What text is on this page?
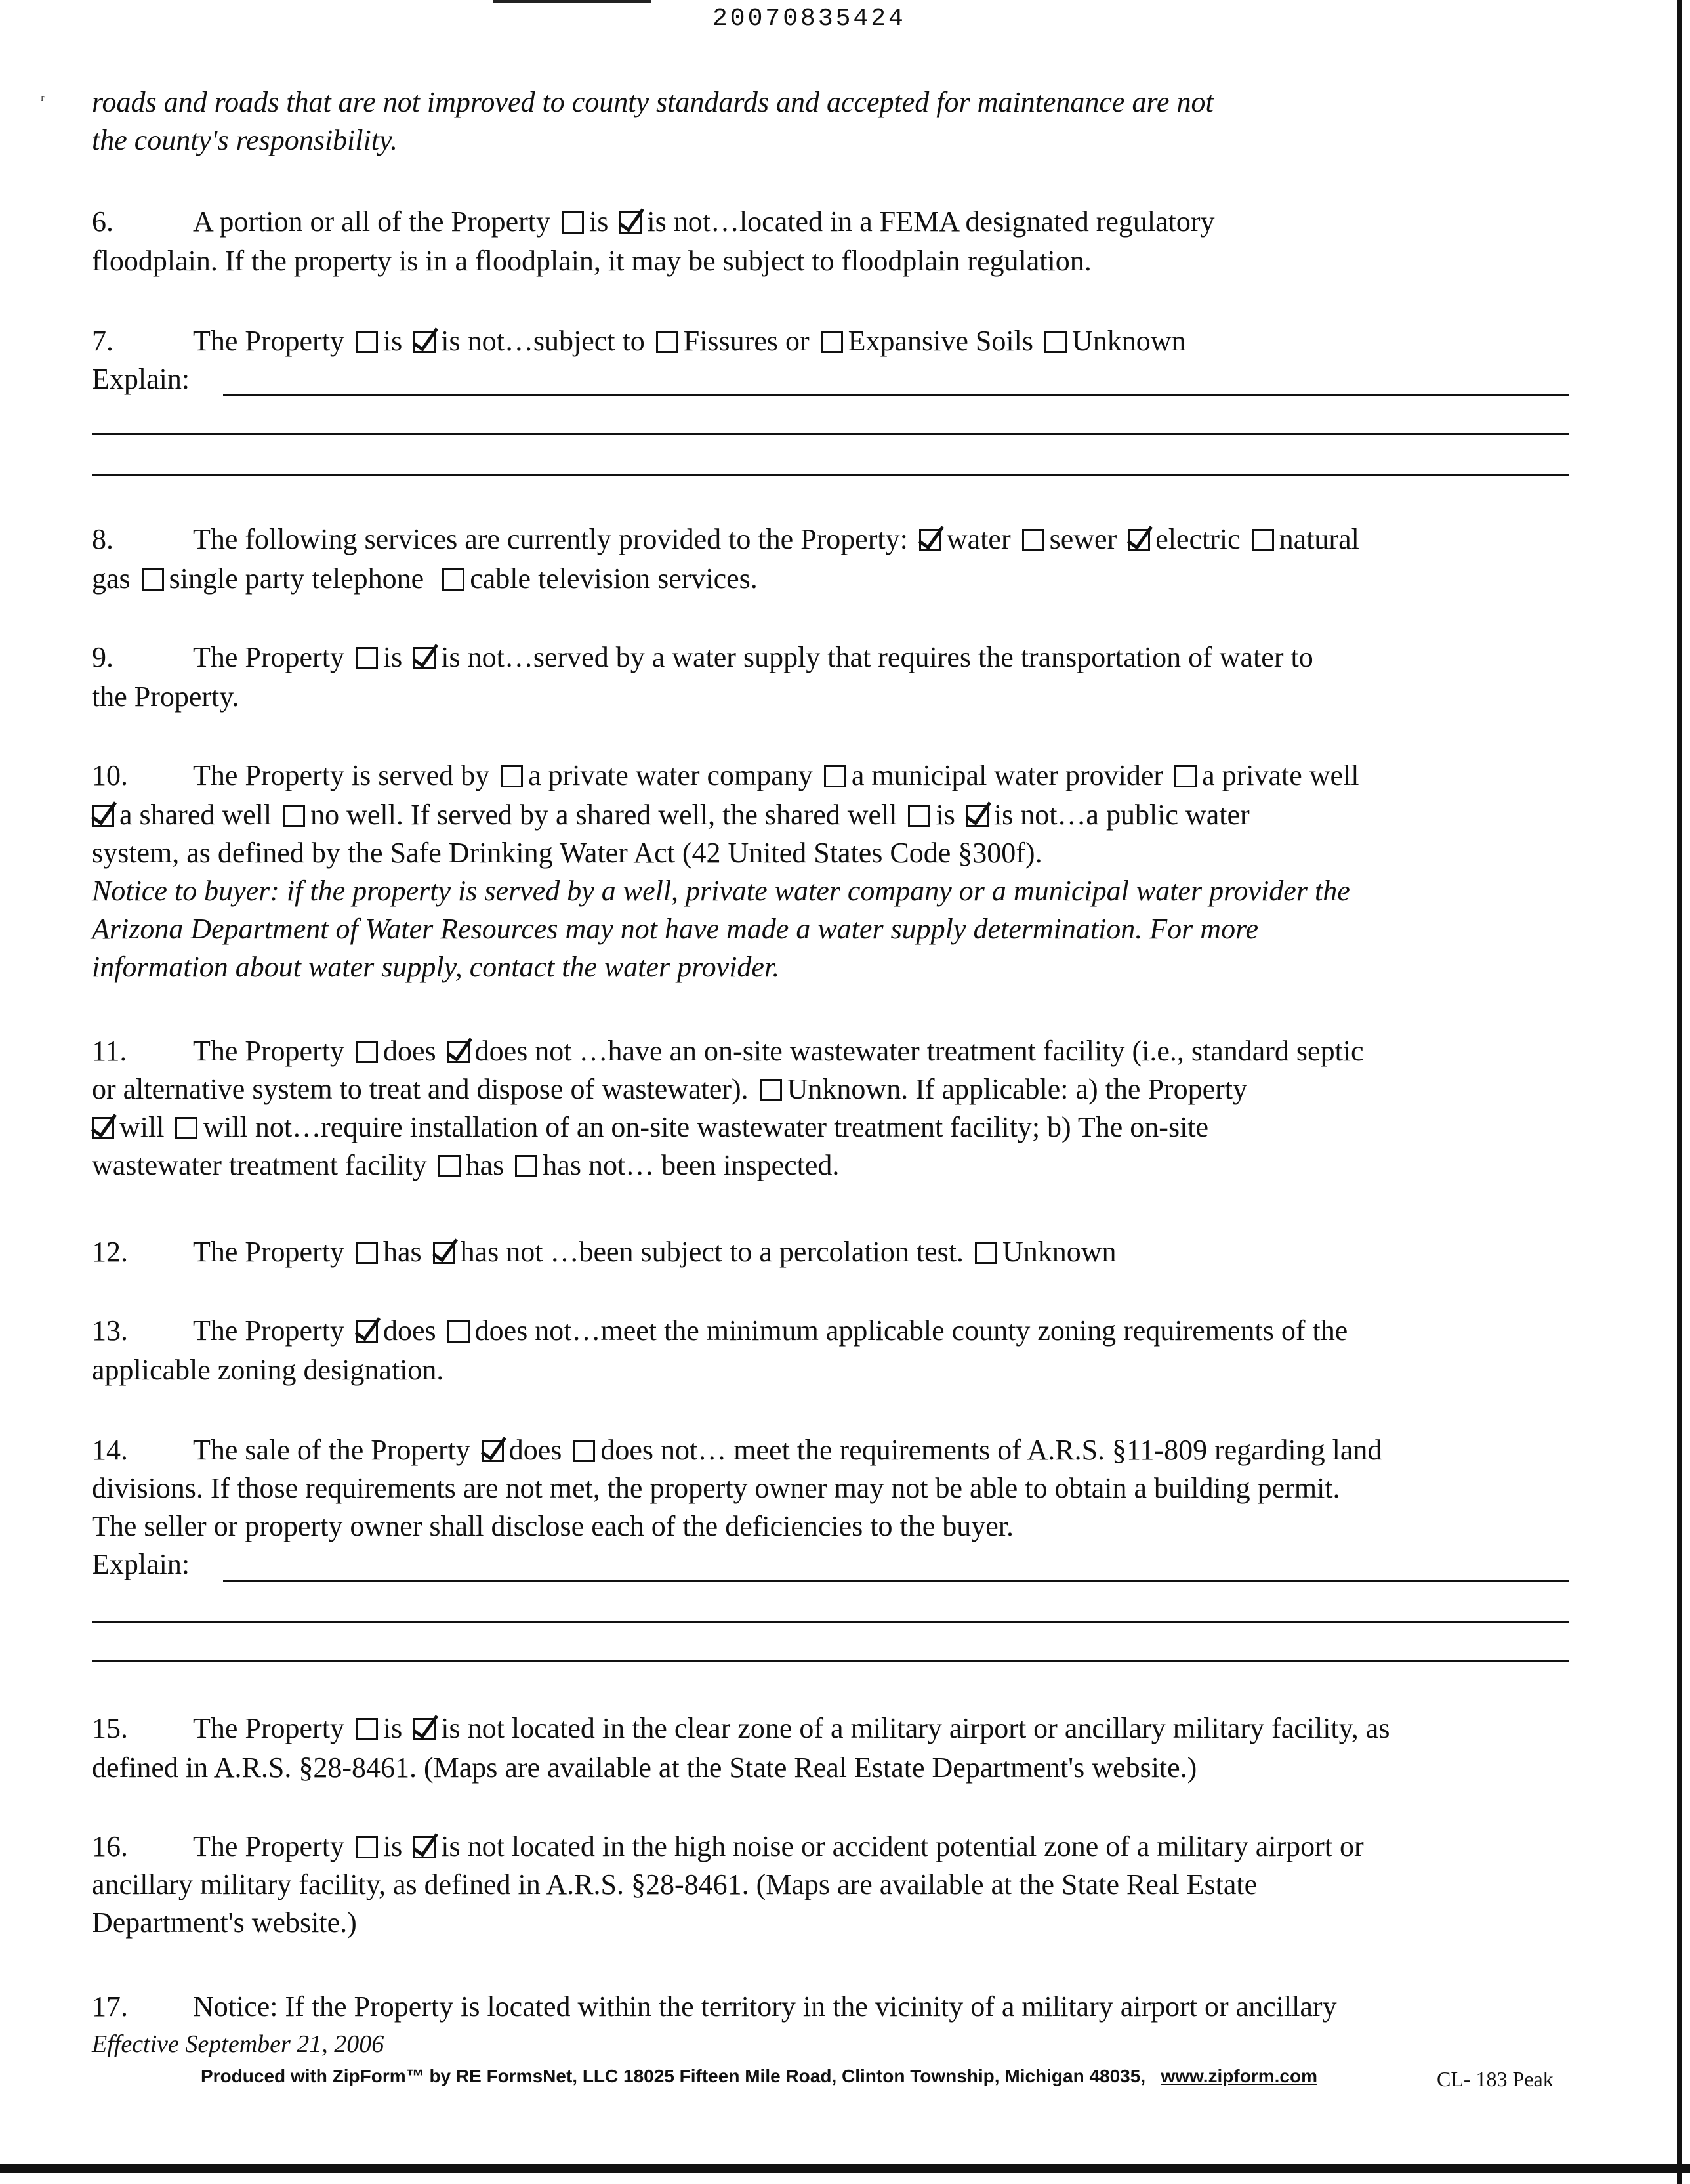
20070835424
ʳ roads and roads that are not improved to county standards and accepted for maintenance are not
the county's responsibility.
6.	A portion or all of the Property is is not…located in a FEMA designated regulatory
floodplain. If the property is in a floodplain, it may be subject to floodplain regulation.
7.	The Property is is not…subject to Fissures or Expansive Soils Unknown
Explain:
8.	The following services are currently provided to the Property: water sewer electric natural
gas single party telephone cable television services.
9.	The Property is is not…served by a water supply that requires the transportation of water to
the Property.
10. The Property is served by a private water company a municipal water provider a private well
a shared well no well. If served by a shared well, the shared well is is not…a public water
system, as defined by the Safe Drinking Water Act (42 United States Code §300f).
Notice to buyer: if the property is served by a well, private water company or a municipal water provider the
Arizona Department of Water Resources may not have made a water supply determination. For more
information about water supply, contact the water provider.
11. The Property does does not …have an on-site wastewater treatment facility (i.e., standard septic
or alternative system to treat and dispose of wastewater). Unknown. If applicable: a) the Property
will will not…require installation of an on-site wastewater treatment facility; b) The on-site
wastewater treatment facility has has not… been inspected.
12. The Property has has not …been subject to a percolation test. Unknown
13. The Property does does not…meet the minimum applicable county zoning requirements of the
applicable zoning designation.
14. The sale of the Property does does not… meet the requirements of A.R.S. §11-809 regarding land
divisions. If those requirements are not met, the property owner may not be able to obtain a building permit.
The seller or property owner shall disclose each of the deficiencies to the buyer.
Explain:
15. The Property is is not located in the clear zone of a military airport or ancillary military facility, as
defined in A.R.S. §28-8461. (Maps are available at the State Real Estate Department's website.)
16. The Property is is not located in the high noise or accident potential zone of a military airport or
ancillary military facility, as defined in A.R.S. §28-8461. (Maps are available at the State Real Estate
Department's website.)
17. Notice: If the Property is located within the territory in the vicinity of a military airport or ancillary
Effective September 21, 2006
Produced with ZipForm™ by RE FormsNet, LLC 18025 Fifteen Mile Road, Clinton Township, Michigan 48035, www.zipform.com	CL- 183 Peak
